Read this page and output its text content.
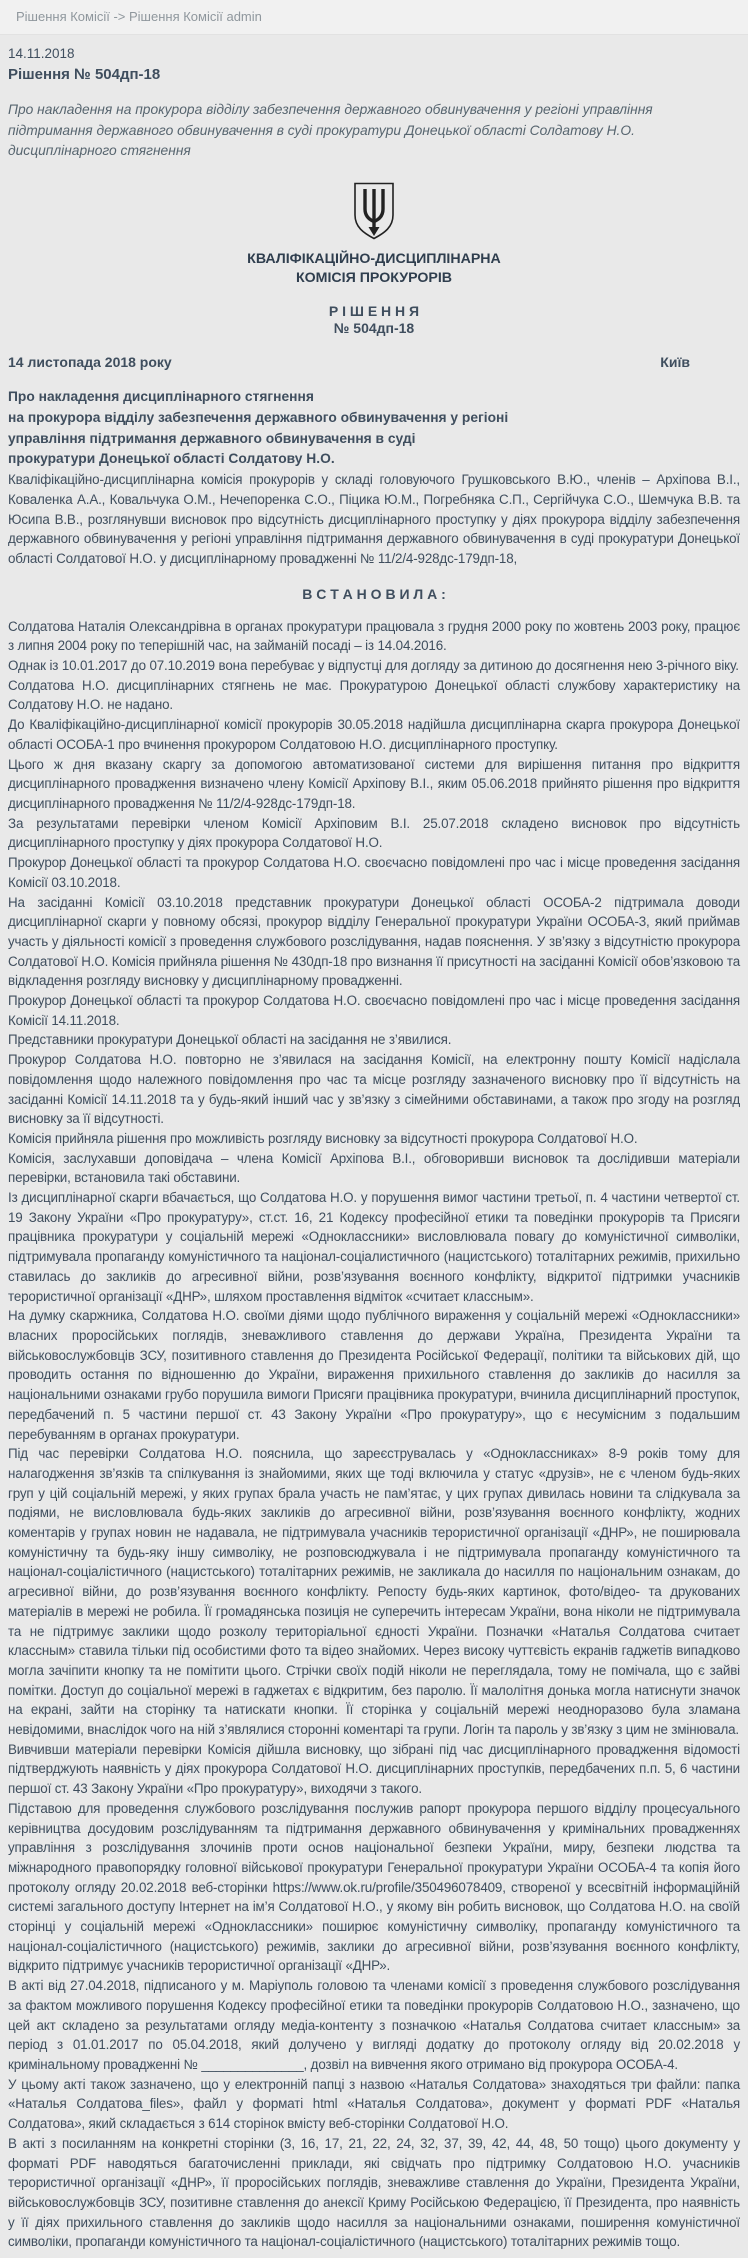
Рішення Комісії -> Рішення Комісії admin
14.11.2018
Рішення № 504дп-18
Про накладення на прокурора відділу забезпечення державного обвинувачення у регіоні управління підтримання державного обвинувачення в суді прокуратури Донецької області Солдатову Н.О. дисциплінарного стягнення
КВАЛІФІКАЦІЙНО-ДИСЦИПЛІНАРНА
КОМІСІЯ ПРОКУРОРІВ
Р І Ш Е Н Н Я
№ 504дп-18
14 листопада 2018 року	Київ
Про накладення дисциплінарного стягнення
на прокурора відділу забезпечення державного обвинувачення у регіоні
управління підтримання державного обвинувачення в суді
прокуратури Донецької області Солдатову Н.О.

Кваліфікаційно-дисциплінарна комісія прокурорів у складі головуючого Грушковського В.Ю., членів – Архіпова В.І., Коваленка А.А., Ковальчука О.М., Нечепоренка С.О., Піцика Ю.М., Погребняка С.П., Сергійчука С.О., Шемчука В.В. та Юсипа В.В., розглянувши висновок про відсутність дисциплінарного проступку у діях прокурора відділу забезпечення державного обвинувачення у регіоні управління підтримання державного обвинувачення в суді прокуратури Донецької області Солдатової Н.О. у дисциплінарному провадженні № 11/2/4-928дс-179дп-18,

В С Т А Н О В И Л А :

Солдатова Наталія Олександрівна в органах прокуратури працювала з грудня 2000 року по жовтень 2003 року, працює з липня 2004 року по теперішній час, на займаній посаді – із 14.04.2016.

Однак із 10.01.2017 до 07.10.2019 вона перебуває у відпустці для догляду за дитиною до досягнення нею 3-річного віку.

Солдатова Н.О. дисциплінарних стягнень не має. Прокуратурою Донецької області службову характеристику на Солдатову Н.О. не надано.

До Кваліфікаційно-дисциплінарної комісії прокурорів 30.05.2018 надійшла дисциплінарна скарга прокурора Донецької області ОСОБА-1 про вчинення прокурором Солдатовою Н.О. дисциплінарного проступку.

Цього ж дня вказану скаргу за допомогою автоматизованої системи для вирішення питання про відкриття дисциплінарного провадження визначено члену Комісії Архіпову В.І., яким 05.06.2018 прийнято рішення про відкриття дисциплінарного провадження № 11/2/4-928дс-179дп-18.

За результатами перевірки членом Комісії Архіповим В.І. 25.07.2018 складено висновок про відсутність дисциплінарного проступку у діях прокурора Солдатової Н.О.

Прокурор Донецької області та прокурор Солдатова Н.О. своєчасно повідомлені про час і місце проведення засідання Комісії 03.10.2018.

На засіданні Комісії 03.10.2018 представник прокуратури Донецької області ОСОБА-2 підтримала доводи дисциплінарної скарги у повному обсязі, прокурор відділу Генеральної прокуратури України ОСОБА-3, який приймав участь у діяльності комісії з проведення службового розслідування, надав пояснення. У зв’язку з відсутністю прокурора Солдатової Н.О. Комісія прийняла рішення № 430дп-18 про визнання її присутності на засіданні Комісії обов’язковою та відкладення розгляду висновку у дисциплінарному провадженні.

Прокурор Донецької області та прокурор Солдатова Н.О. своєчасно повідомлені про час і місце проведення засідання Комісії 14.11.2018.

Представники прокуратури Донецької області на засідання не з’явилися.

Прокурор Солдатова Н.О. повторно не з’явилася на засідання Комісії, на електронну пошту Комісії надіслала повідомлення щодо належного повідомлення про час та місце розгляду зазначеного висновку про її відсутність на засіданні Комісії 14.11.2018 та у будь-який інший час у зв’язку з сімейними обставинами, а також про згоду на розгляд висновку за її відсутності.

Комісія прийняла рішення про можливість розгляду висновку за відсутності прокурора Солдатової Н.О.

Комісія, заслухавши доповідача – члена Комісії Архіпова В.І., обговоривши висновок та дослідивши матеріали перевірки, встановила такі обставини.

Із дисциплінарної скарги вбачається, що Солдатова Н.О. у порушення вимог частини третьої, п. 4 частини четвертої ст. 19 Закону України «Про прокуратуру», ст.ст. 16, 21 Кодексу професійної етики та поведінки прокурорів та Присяги працівника прокуратури у соціальній мережі «Одноклассники» висловлювала повагу до комуністичної символіки, підтримувала пропаганду комуністичного та націонал-соціалистичного (нацистського) тоталітарних режимів, прихильно ставилась до закликів до агресивної війни, розв’язування воєнного конфлікту, відкритої підтримки учасників терористичної організації «ДНР», шляхом проставлення відміток «считает классным».

На думку скаржника, Солдатова Н.О. своїми діями щодо публічного вираження у соціальній мережі «Одноклассники» власних проросійських поглядів, зневажливого ставлення до держави Україна, Президента України та військовослужбовців ЗСУ, позитивного ставлення до Президента Російської Федерації, політики та військових дій, що проводить остання по відношенню до України, вираження прихильного ставлення до закликів до насилля за національними ознаками грубо порушила вимоги Присяги працівника прокуратури, вчинила дисциплінарний проступок, передбачений п. 5 частини першої ст. 43 Закону України «Про прокуратуру», що є несумісним з подальшим перебуванням в органах прокуратури.

Під час перевірки Солдатова Н.О. пояснила, що зареєструвалась у «Одноклассниках» 8-9 років тому для налагодження зв’язків та спілкування із знайомими, яких ще тоді включила у статус «друзів», не є членом будь-яких груп у цій соціальній мережі, у яких групах брала участь не пам’ятає, у цих групах дивилась новини та слідкувала за подіями, не висловлювала будь-яких закликів до агресивної війни, розв’язування воєнного конфлікту, жодних коментарів у групах новин не надавала, не підтримувала учасників терористичної організації «ДНР», не поширювала комуністичну та будь-яку іншу символіку, не розповсюджувала і не підтримувала пропаганду комуністичного та націонал-соціалістичного (нацистського) тоталітарних режимів, не закликала до насилля по національним ознакам, до агресивної війни, до розв’язування воєнного конфлікту. Репосту будь-яких картинок, фото/відео- та друкованих матеріалів в мережі не робила. Її громадянська позиція не суперечить інтересам України, вона ніколи не підтримувала та не підтримує заклики щодо розколу територіальної єдності України. Позначки «Наталья Солдатова считает классным» ставила тільки під особистими фото та відео знайомих. Через високу чуттєвість екранів гаджетів випадково могла зачіпити кнопку та не помітити цього. Стрічки своїх подій ніколи не переглядала, тому не помічала, що є зайві помітки. Доступ до соціальної мережі в гаджетах є відкритим, без паролю. Її малолітня донька могла натиснути значок на екрані, зайти на сторінку та натискати кнопки. Її сторінка у соціальній мережі неодноразово була зламана невідомими, внаслідок чого на ній з’являлися сторонні коментарі та групи. Логін та пароль у зв’язку з цим не змінювала.

Вивчивши матеріали перевірки Комісія дійшла висновку, що зібрані під час дисциплінарного провадження відомості підтверджують наявність у діях прокурора Солдатової Н.О. дисциплінарних проступків, передбачених п.п. 5, 6 частини першої ст. 43 Закону України «Про прокуратуру», виходячи з такого.

Підставою для проведення службового розслідування послужив рапорт прокурора першого відділу процесуального керівництва досудовим розслідуванням та підтримання державного обвинувачення у кримінальних провадженнях управління з розслідування злочинів проти основ національної безпеки України, миру, безпеки людства та міжнародного правопорядку головної військової прокуратури Генеральної прокуратури України ОСОБА-4 та копія його протоколу огляду 20.02.2018 веб-сторінки https://www.ok.ru/profile/350496078409, створеної у всесвітній інформаційній системі загального доступу Інтернет на ім’я Солдатової Н.О., у якому він робить висновок, що Солдатова Н.О. на своїй сторінці у соціальній мережі «Одноклассники» поширює комуністичну символіку, пропаганду комуністичного та націонал-соціалістичного (нацистського) режимів, заклики до агресивної війни, розв’язування воєнного конфлікту, відкрито підтримує учасників терористичної організації «ДНР».

В акті від 27.04.2018, підписаного у м. Маріуполь головою та членами комісії з проведення службового розслідування за фактом можливого порушення Кодексу професійної етики та поведінки прокурорів Солдатовою Н.О., зазначено, що цей акт складено за результатами огляду медіа-контенту з позначкою «Наталья Солдатова считает классным» за період з 01.01.2017 по 05.04.2018, який долучено у вигляді додатку до протоколу огляду від 20.02.2018 у кримінальному провадженні № ______________, дозвіл на вивчення якого отримано від прокурора ОСОБА-4.

У цьому акті також зазначено, що у електронній папці з назвою «Наталья Солдатова» знаходяться три файли: папка «Наталья Солдатова_files», файл у форматі html «Наталья Солдатова», документ у форматі PDF «Наталья Солдатова», який складається з 614 сторінок вмісту веб-сторінки Солдатової Н.О.

В акті з посиланням на конкретні сторінки (3, 16, 17, 21, 22, 24, 32, 37, 39, 42, 44, 48, 50 тощо) цього документу у форматі PDF наводяться багаточисленні приклади, які свідчать про підтримку Солдатовою Н.О. учасників терористичної організації «ДНР», її проросійських поглядів, зневажливе ставлення до України, Президента України, військовослужбовців ЗСУ, позитивне ставлення до анексії Криму Російською Федерацією, її Президента, про наявність у її діях прихильного ставлення до закликів щодо насилля за національними ознаками, поширення комуністичної символіки, пропаганди комуністичного та націонал-соціалістичного (нацистського) тоталітарних режимів тощо.
